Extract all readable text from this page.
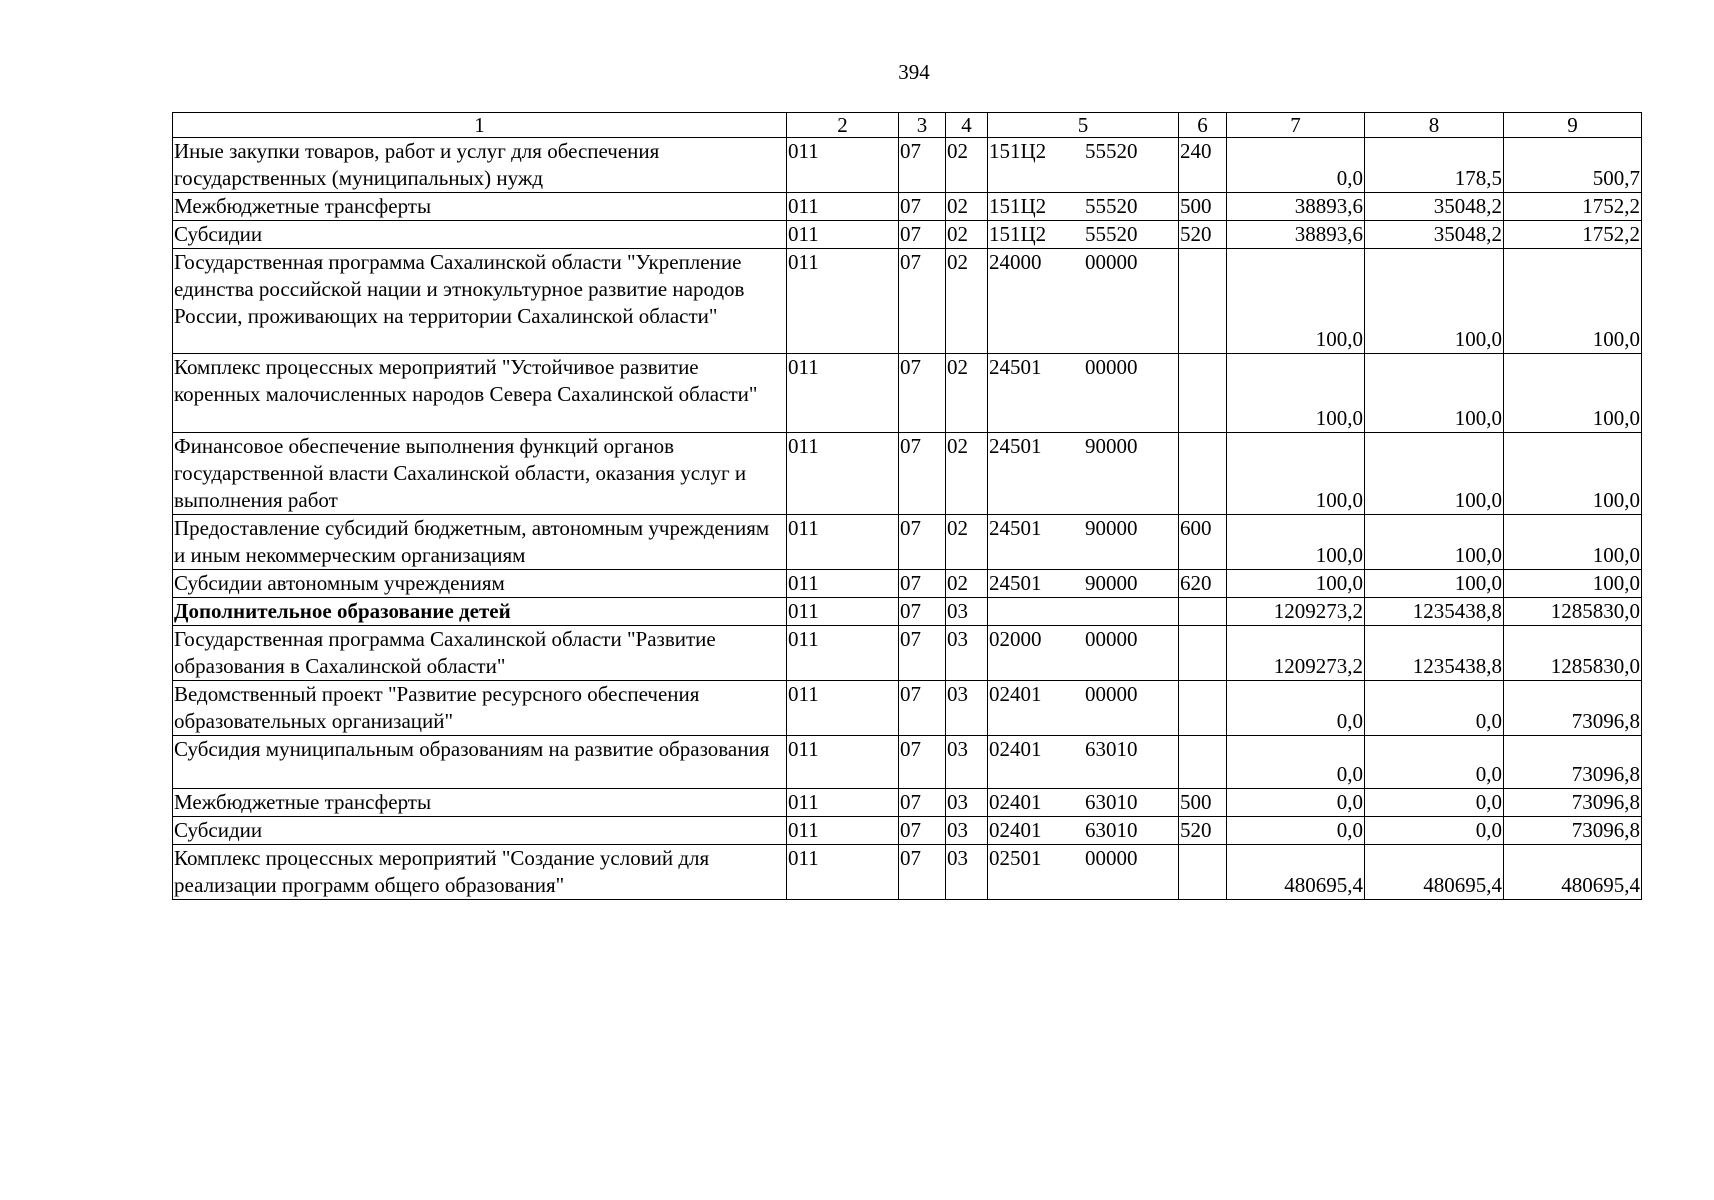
394
1	2	3	4	5	6	7	8	9
Иные закупки товаров, работ и услуг для обеспечения государственных (муниципальных) нужд	011	07	02	151Ц2 55520	240	0,0	178,5	500,7
Межбюджетные трансферты	011	07	02	151Ц2 55520	500	38893,6	35048,2	1752,2
Субсидии	011	07	02	151Ц2 55520	520	38893,6	35048,2	1752,2
Государственная программа Сахалинской области "Укрепление единства российской нации и этнокультурное развитие народов России, проживающих на территории Сахалинской области"	011	07	02	24000 00000		100,0	100,0	100,0
Комплекс процессных мероприятий "Устойчивое развитие коренных малочисленных народов Севера Сахалинской области"	011	07	02	24501 00000		100,0	100,0	100,0
Финансовое обеспечение выполнения функций органов государственной власти Сахалинской области, оказания услуг и выполнения работ	011	07	02	24501 90000		100,0	100,0	100,0
Предоставление субсидий бюджетным, автономным учреждениям и иным некоммерческим организациям	011	07	02	24501 90000	600	100,0	100,0	100,0
Субсидии автономным учреждениям	011	07	02	24501 90000	620	100,0	100,0	100,0
Дополнительное образование детей	011	07	03			1209273,2	1235438,8	1285830,0
Государственная программа Сахалинской области "Развитие образования в Сахалинской области"	011	07	03	02000 00000		1209273,2	1235438,8	1285830,0
Ведомственный проект "Развитие ресурсного обеспечения образовательных организаций"	011	07	03	02401 00000		0,0	0,0	73096,8
Субсидия муниципальным образованиям на развитие образования	011	07	03	02401 63010		0,0	0,0	73096,8
Межбюджетные трансферты	011	07	03	02401 63010	500	0,0	0,0	73096,8
Субсидии	011	07	03	02401 63010	520	0,0	0,0	73096,8
Комплекс процессных мероприятий "Создание условий для реализации программ общего образования"	011	07	03	02501 00000		480695,4	480695,4	480695,4
